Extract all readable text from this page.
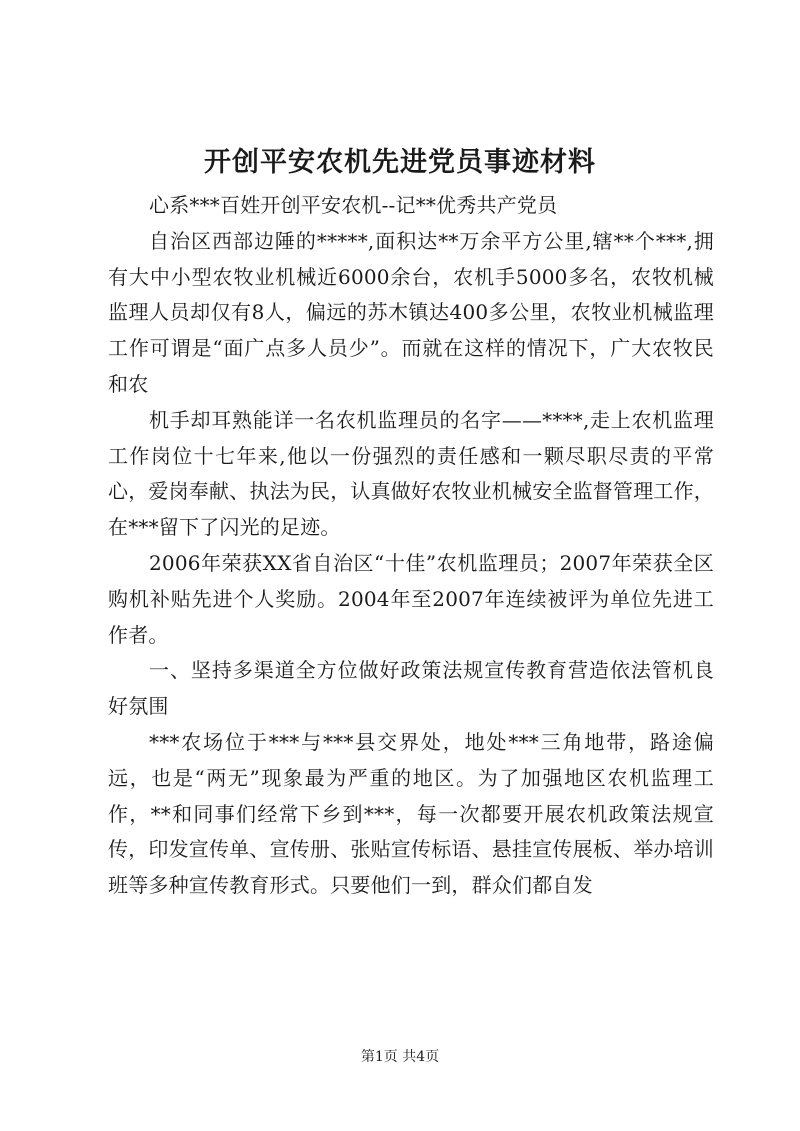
开创平安农机先进党员事迹材料

心系***百姓开创平安农机--记**优秀共产党员

自治区西部边陲的*****,面积达**万余平方公里,辖**个***,拥有大中小型农牧业机械近6000余台，农机手5000多名，农牧机械监理人员却仅有8人，偏远的苏木镇达400多公里，农牧业机械监理工作可谓是“面广点多人员少”。而就在这样的情况下，广大农牧民和农

机手却耳熟能详一名农机监理员的名字——****,走上农机监理工作岗位十七年来,他以一份强烈的责任感和一颗尽职尽责的平常心，爱岗奉献、执法为民，认真做好农牧业机械安全监督管理工作，在***留下了闪光的足迹。

2006年荣获XX省自治区“十佳”农机监理员；2007年荣获全区购机补贴先进个人奖励。2004年至2007年连续被评为单位先进工作者。

一、坚持多渠道全方位做好政策法规宣传教育营造依法管机良好氛围

***农场位于***与***县交界处，地处***三角地带，路途偏远，也是“两无”现象最为严重的地区。为了加强地区农机监理工作，**和同事们经常下乡到***，每一次都要开展农机政策法规宣传，印发宣传单、宣传册、张贴宣传标语、悬挂宣传展板、举办培训班等多种宣传教育形式。只要他们一到，群众们都自发

第1页 共4页
